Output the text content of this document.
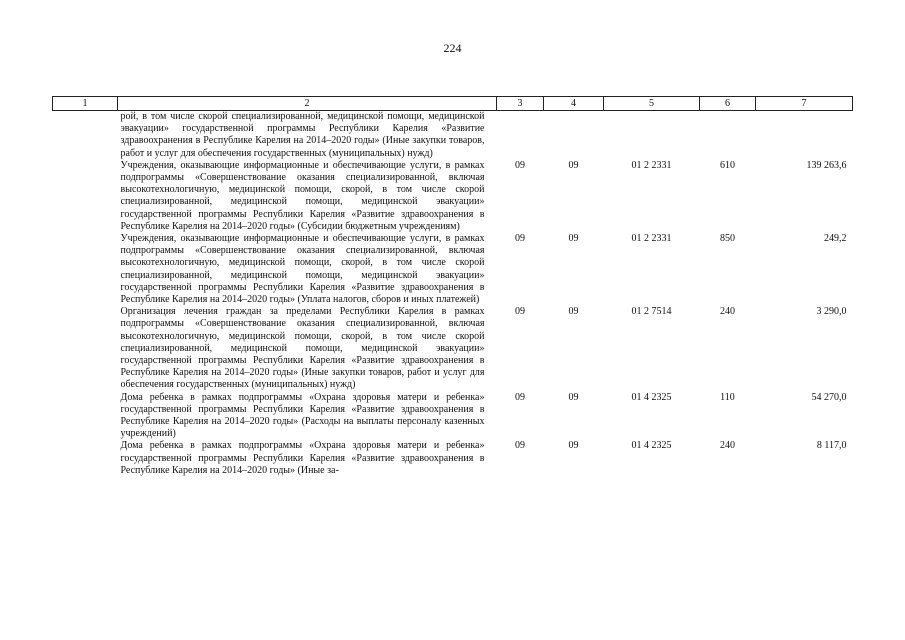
224
1	2	3	4	5	6	7
	рой, в том числе скорой специализированной, медицинской помощи, медицинской эвакуации» государственной программы Республики Карелия «Развитие здравоохранения в Республике Карелия на 2014–2020 годы» (Иные закупки товаров, работ и услуг для обеспечения государственных (муниципальных) нужд)					
	Учреждения, оказывающие информационные и обеспечивающие услуги, в рамках подпрограммы «Совершенствование оказания специализированной, включая высокотехнологичную, медицинской помощи, скорой, в том числе скорой специализированной, медицинской помощи, медицинской эвакуации» государственной программы Республики Карелия «Развитие здравоохранения в Республике Карелия на 2014–2020 годы» (Субсидии бюджетным учреждениям)	09	09	01 2 2331	610	139 263,6
	Учреждения, оказывающие информационные и обеспечивающие услуги, в рамках подпрограммы «Совершенствование оказания специализированной, включая высокотехнологичную, медицинской помощи, скорой, в том числе скорой специализированной, медицинской помощи, медицинской эвакуации» государственной программы Республики Карелия «Развитие здравоохранения в Республике Карелия на 2014–2020 годы» (Уплата налогов, сборов и иных платежей)	09	09	01 2 2331	850	249,2
	Организация лечения граждан за пределами Республики Карелия в рамках подпрограммы «Совершенствование оказания специализированной, включая высокотехнологичную, медицинской помощи, скорой, в том числе скорой специализированной, медицинской помощи, медицинской эвакуации» государственной программы Республики Карелия «Развитие здравоохранения в Республике Карелия на 2014–2020 годы» (Иные закупки товаров, работ и услуг для обеспечения государственных (муниципальных) нужд)	09	09	01 2 7514	240	3 290,0
	Дома ребенка в рамках подпрограммы «Охрана здоровья матери и ребенка» государственной программы Республики Карелия «Развитие здравоохранения в Республике Карелия на 2014–2020 годы» (Расходы на выплаты персоналу казенных учреждений)	09	09	01 4 2325	110	54 270,0
	Дома ребенка в рамках подпрограммы «Охрана здоровья матери и ребенка» государственной программы Республики Карелия «Развитие здравоохранения в Республике Карелия на 2014–2020 годы» (Иные за-	09	09	01 4 2325	240	8 117,0
